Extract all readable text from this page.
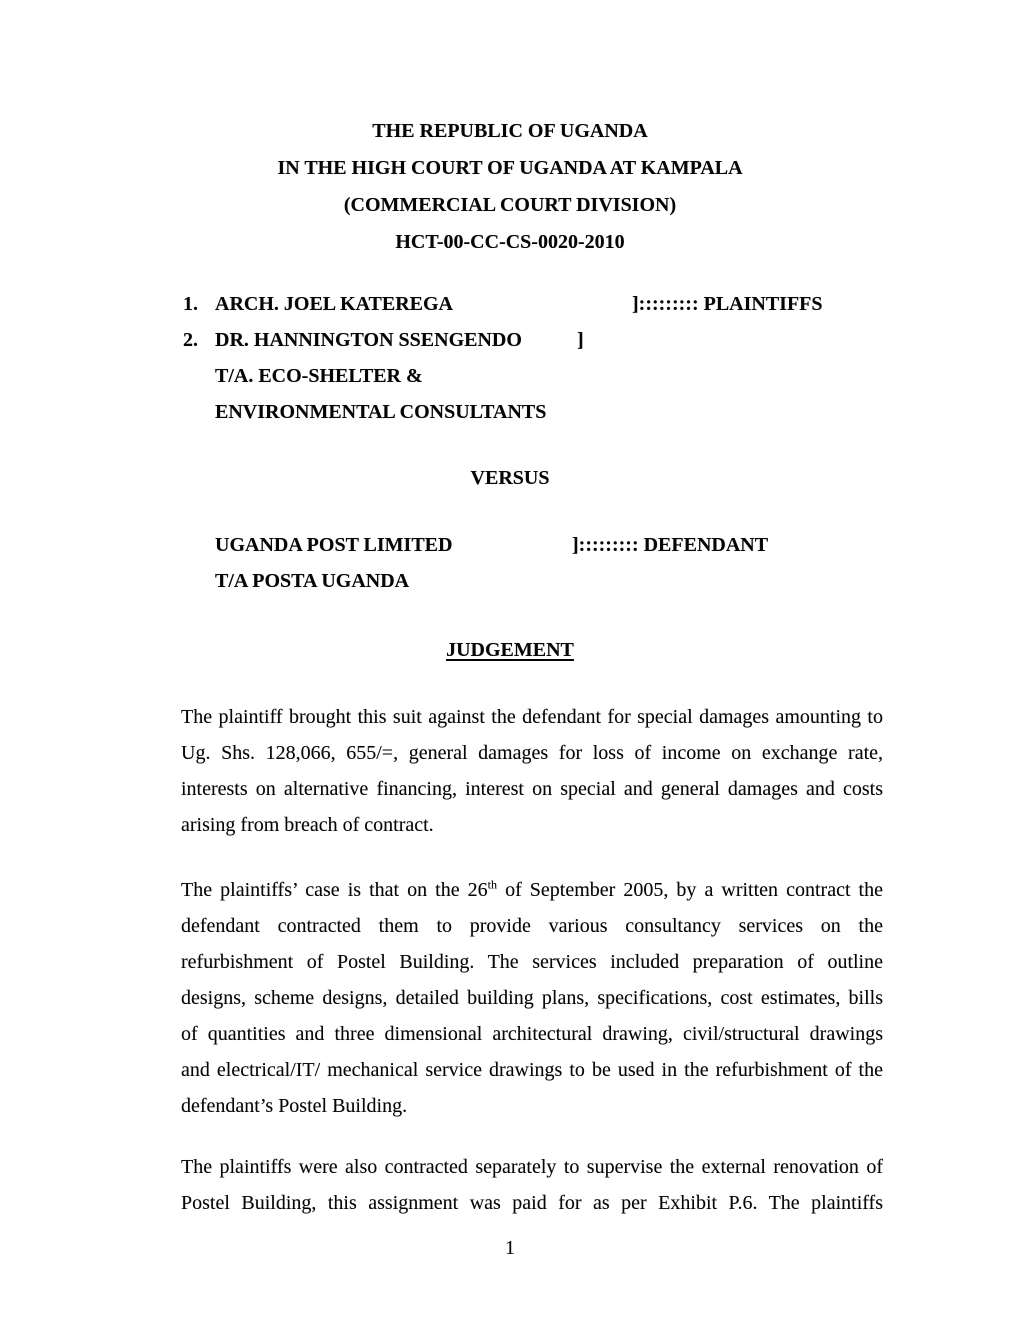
THE REPUBLIC OF UGANDA
IN THE HIGH COURT OF UGANDA AT KAMPALA
(COMMERCIAL COURT DIVISION)
HCT-00-CC-CS-0020-2010
1. ARCH. JOEL KATEREGA	]::::::::: PLAINTIFFS
2. DR. HANNINGTON SSENGENDO	]
T/A. ECO-SHELTER &
ENVIRONMENTAL CONSULTANTS
VERSUS
UGANDA POST LIMITED	]::::::::: DEFENDANT
T/A POSTA UGANDA
JUDGEMENT
The plaintiff brought this suit against the defendant for special damages amounting to
Ug. Shs. 128,066, 655/=, general damages for loss of income on exchange rate,
interests on alternative financing, interest on special and general damages and costs
arising from breach of contract.
The plaintiffs’ case is that on the 26th of September 2005, by a written contract the
defendant contracted them to provide various consultancy services on the
refurbishment of Postel Building. The services included preparation of outline
designs, scheme designs, detailed building plans, specifications, cost estimates, bills
of quantities and three dimensional architectural drawing, civil/structural drawings
and electrical/IT/ mechanical service drawings to be used in the refurbishment of the
defendant’s Postel Building.
The plaintiffs were also contracted separately to supervise the external renovation of
Postel Building, this assignment was paid for as per Exhibit P.6. The plaintiffs
1
